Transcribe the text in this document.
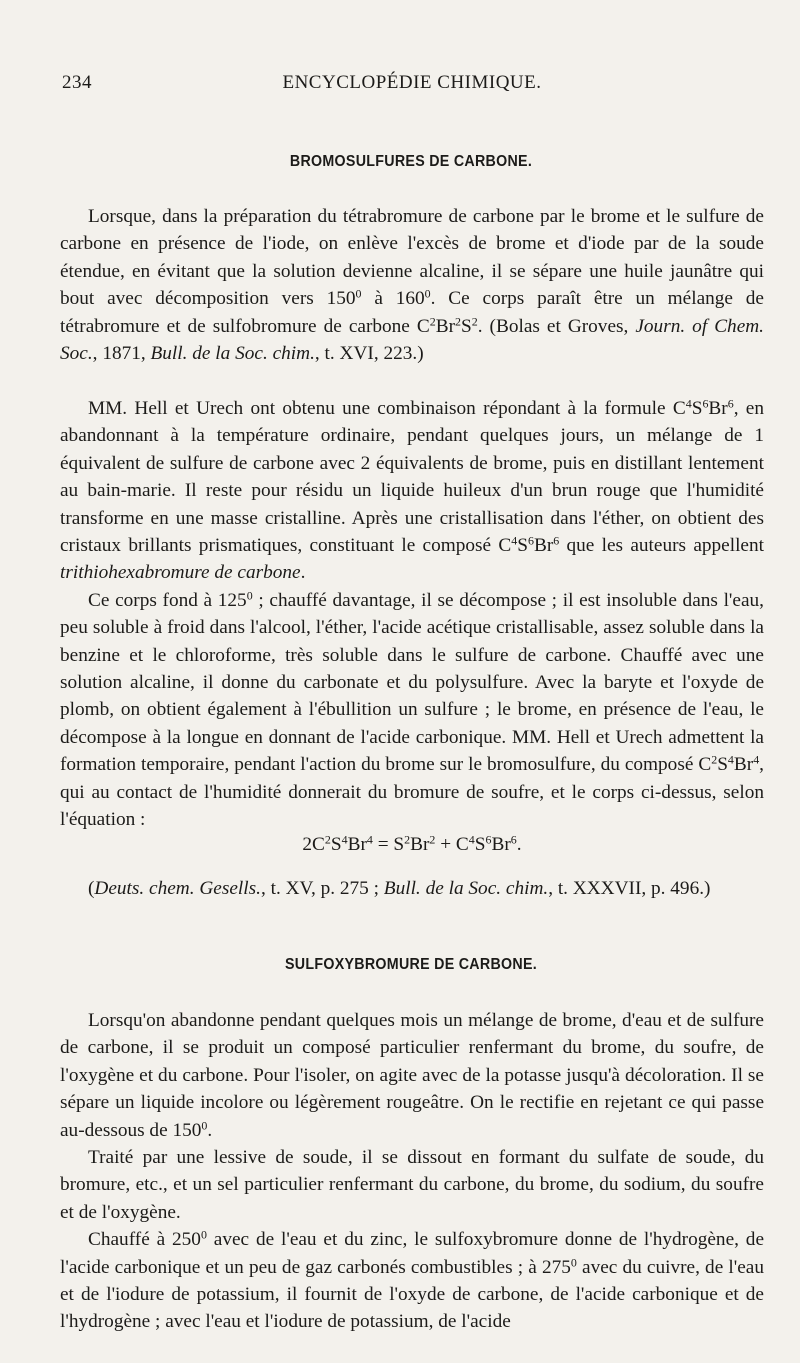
234	ENCYCLOPÉDIE CHIMIQUE.
BROMOSULFURES DE CARBONE.

Lorsque, dans la préparation du tétrabromure de carbone par le brome et le sulfure de carbone en présence de l'iode, on enlève l'excès de brome et d'iode par de la soude étendue, en évitant que la solution devienne alcaline, il se sépare une huile jaunâtre qui bout avec décomposition vers $150^0$ à $160^0$. Ce corps paraît être un mélange de tétrabromure et de sulfobromure de carbone $C^2Br^2S^2$. (Bolas et Groves, Journ. of Chem. Soc., 1871, Bull. de la Soc. chim., t. XVI, 223.)

MM. Hell et Urech ont obtenu une combinaison répondant à la formule $C^4S^6Br^6$, en abandonnant à la température ordinaire, pendant quelques jours, un mélange de 1 équivalent de sulfure de carbone avec 2 équivalents de brome, puis en distillant lentement au bain-marie. Il reste pour résidu un liquide huileux d'un brun rouge que l'humidité transforme en une masse cristalline. Après une cristallisation dans l'éther, on obtient des cristaux brillants prismatiques, constituant le composé $C^4S^6Br^6$ que les auteurs appellent trithiohexabromure de carbone.

Ce corps fond à $125^0$ ; chauffé davantage, il se décompose ; il est insoluble dans l'eau, peu soluble à froid dans l'alcool, l'éther, l'acide acétique cristallisable, assez soluble dans la benzine et le chloroforme, très soluble dans le sulfure de carbone. Chauffé avec une solution alcaline, il donne du carbonate et du polysulfure. Avec la baryte et l'oxyde de plomb, on obtient également à l'ébullition un sulfure ; le brome, en présence de l'eau, le décompose à la longue en donnant de l'acide carbonique. MM. Hell et Urech admettent la formation temporaire, pendant l'action du brome sur le bromosulfure, du composé $C^2S^4Br^4$, qui au contact de l'humidité donnerait du bromure de soufre, et le corps ci-dessus, selon l'équation :

$2C^2S^4Br^4 = S^2Br^2 + C^4S^6Br^6$.
(Deuts. chem. Gesells., t. XV, p. 275 ; Bull. de la Soc. chim., t. XXXVII, p. 496.)
SULFOXYBROMURE DE CARBONE.

Lorsqu'on abandonne pendant quelques mois un mélange de brome, d'eau et de sulfure de carbone, il se produit un composé particulier renfermant du brome, du soufre, de l'oxygène et du carbone. Pour l'isoler, on agite avec de la potasse jusqu'à décoloration. Il se sépare un liquide incolore ou légèrement rougeâtre. On le rectifie en rejetant ce qui passe au-dessous de $150^0$.

Traité par une lessive de soude, il se dissout en formant du sulfate de soude, du bromure, etc., et un sel particulier renfermant du carbone, du brome, du sodium, du soufre et de l'oxygène.

Chauffé à $250^0$ avec de l'eau et du zinc, le sulfoxybromure donne de l'hydrogène, de l'acide carbonique et un peu de gaz carbonés combustibles ; à $275^0$ avec du cuivre, de l'eau et de l'iodure de potassium, il fournit de l'oxyde de carbone, de l'acide carbonique et de l'hydrogène ; avec l'eau et l'iodure de potassium, de l'acide
